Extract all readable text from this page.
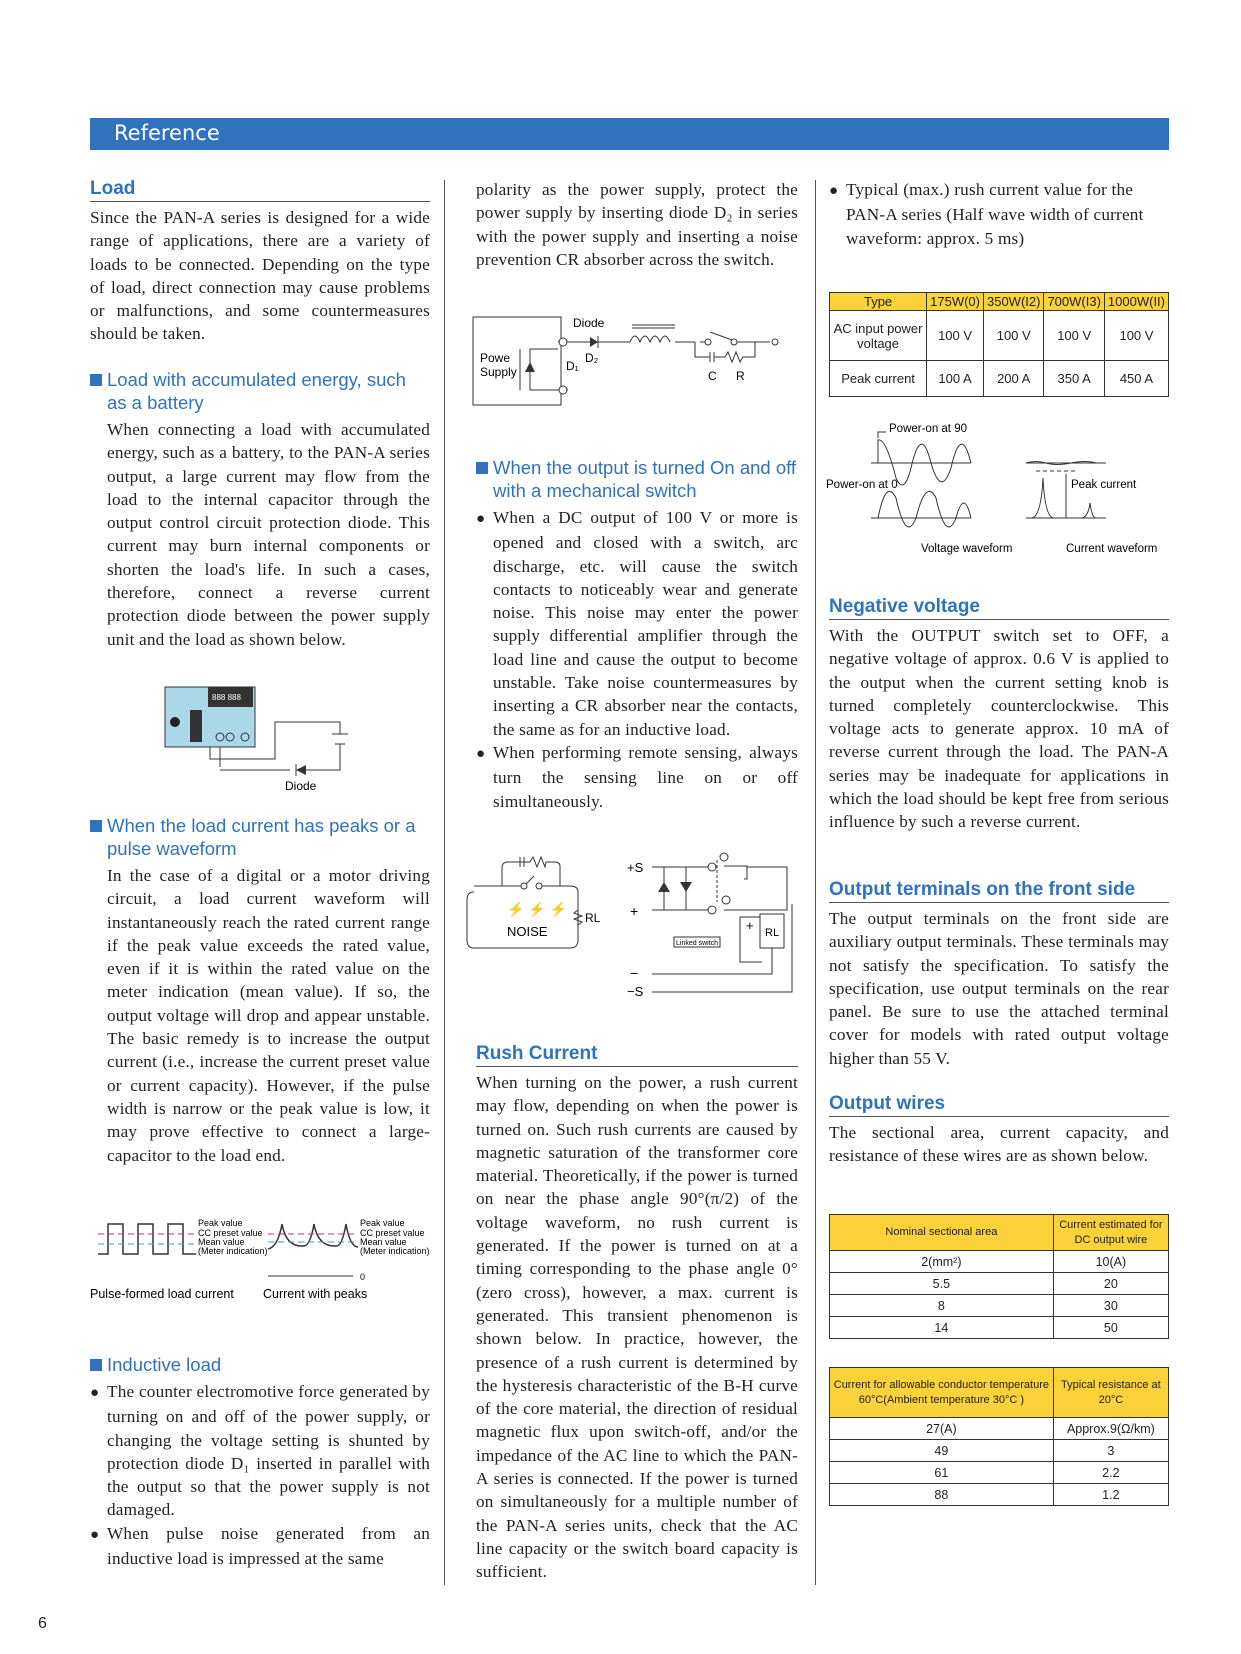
Reference
Load
Since the PAN-A series is designed for a wide range of applications, there are a variety of loads to be connected. Depending on the type of load, direct connection may cause problems or malfunctions, and some countermeasures should be taken.
Load with accumulated energy, such as a battery
When connecting a load with accumulated energy, such as a battery, to the PAN-A series output, a large current may flow from the load to the internal capacitor through the output control circuit protection diode. This current may burn internal components or shorten the load's life. In such a cases, therefore, connect a reverse current protection diode between the power supply unit and the load as shown below.
888 888
Diode
When the load current has peaks or a pulse waveform
In the case of a digital or a motor driving circuit, a load current waveform will instantaneously reach the rated current range if the peak value exceeds the rated value, even if it is within the rated value on the meter indication (mean value). If so, the output voltage will drop and appear unstable. The basic remedy is to increase the output current (i.e., increase the current preset value or current capacity). However, if the pulse width is narrow or the peak value is low, it may prove effective to connect a large-capacitor to the load end.
Peak value
CC preset value
Mean value
(Meter indication)
Peak value
CC preset value
Mean value
(Meter indication)
0
Pulse-formed load current Current with peaks
Inductive load
● The counter electromotive force generated by turning on and off of the power supply, or changing the voltage setting is shunted by protection diode D₁ inserted in parallel with the output so that the power supply is not damaged.
● When pulse noise generated from an inductive load is impressed at the same
polarity as the power supply, protect the power supply by inserting diode D₂ in series with the power supply and inserting a noise prevention CR absorber across the switch.
Powe
Supply
Diode
D₂
D₁
C R
When the output is turned On and off with a mechanical switch
● When a DC output of 100 V or more is opened and closed with a switch, arc discharge, etc. will cause the switch contacts to noticeably wear and generate noise. This noise may enter the power supply differential amplifier through the load line and cause the output to become unstable. Take noise countermeasures by inserting a CR absorber near the contacts, the same as for an inductive load.
● When performing remote sensing, always turn the sensing line on or off simultaneously.
⚡ ⚡ ⚡
NOISE
RL
+S
+
−
−S
RL
+
Linked switch
Rush Current
When turning on the power, a rush current may flow, depending on when the power is turned on. Such rush currents are caused by magnetic saturation of the transformer core material. Theoretically, if the power is turned on near the phase angle 90°(π/2) of the voltage waveform, no rush current is generated. If the power is turned on at a timing corresponding to the phase angle 0°(zero cross), however, a max. current is generated. This transient phenomenon is shown below. In practice, however, the presence of a rush current is determined by the hysteresis characteristic of the B-H curve of the core material, the direction of residual magnetic flux upon switch-off, and/or the impedance of the AC line to which the PAN-A series is connected. If the power is turned on simultaneously for a multiple number of the PAN-A series units, check that the AC line capacity or the switch board capacity is sufficient.
● Typical (max.) rush current value for the PAN-A series (Half wave width of current waveform: approx. 5 ms)
Type	175W(0)	350W(I2)	700W(I3)	1000W(II)
AC input power voltage	100 V	100 V	100 V	100 V
Peak current	100 A	200 A	350 A	450 A
Power-on at 90
Power-on at 0	Peak current
Voltage waveform	Current waveform
Negative voltage
With the OUTPUT switch set to OFF, a negative voltage of approx. 0.6 V is applied to the output when the current setting knob is turned completely counterclockwise. This voltage acts to generate approx. 10 mA of reverse current through the load. The PAN-A series may be inadequate for applications in which the load should be kept free from serious influence by such a reverse current.
Output terminals on the front side
The output terminals on the front side are auxiliary output terminals. These terminals may not satisfy the specification. To satisfy the specification, use output terminals on the rear panel. Be sure to use the attached terminal cover for models with rated output voltage higher than 55 V.
Output wires
The sectional area, current capacity, and resistance of these wires are as shown below.
Nominal sectional area	Current estimated for DC output wire
2(mm²)	10(A)
5.5	20
8	30
14	50
Current for allowable conductor temperature 60°C(Ambient temperature 30°C )	Typical resistance at 20°C
27(A)	Approx.9(Ω/km)
49	3
61	2.2
88	1.2
6
